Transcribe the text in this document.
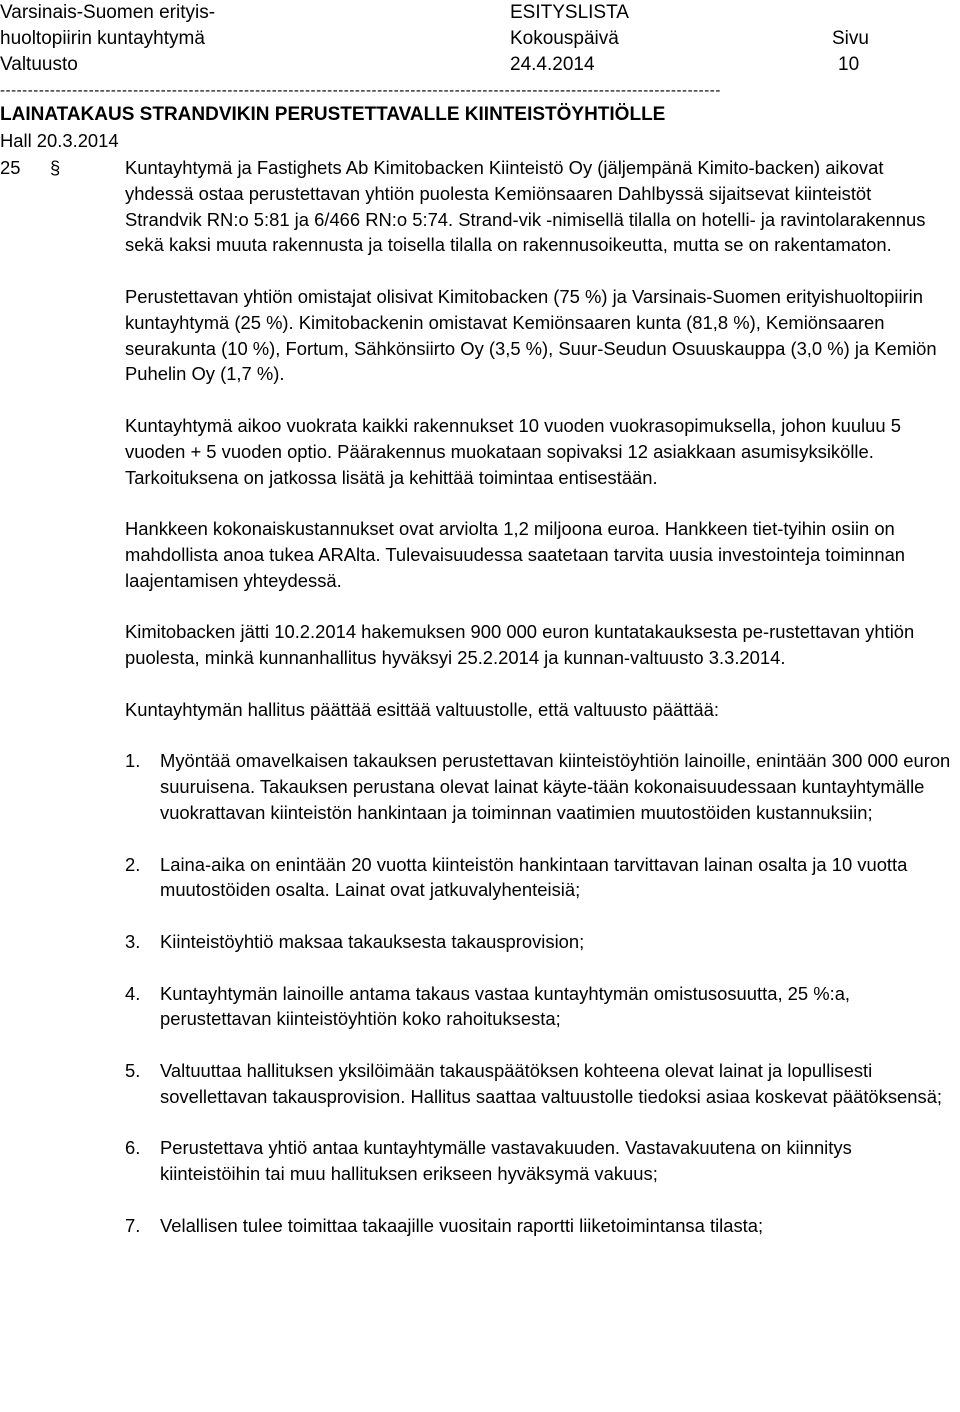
Varsinais-Suomen erityis-
huoltopiirin kuntayhtymä
Valtuusto
ESITYSLISTA
Kokouspäivä
24.4.2014
Sivu
10
----------------------------------------------------------------------------------------------------------------------------------
LAINATAKAUS STRANDVIKIN PERUSTETTAVALLE KIINTEISTÖYHTIÖLLE
Hall 20.3.2014
25 §	Kuntayhtymä ja Fastighets Ab Kimitobacken Kiinteistö Oy (jäljempänä Kimito-backen) aikovat yhdessä ostaa perustettavan yhtiön puolesta Kemiönsaaren Dahlbyssä sijaitsevat kiinteistöt Strandvik RN:o 5:81 ja 6/466 RN:o 5:74. Strand-vik -nimisellä tilalla on hotelli- ja ravintolarakennus sekä kaksi muuta rakennusta ja toisella tilalla on rakennusoikeutta, mutta se on rakentamaton.

Perustettavan yhtiön omistajat olisivat Kimitobacken (75 %) ja Varsinais-Suomen erityishuoltopiirin kuntayhtymä (25 %). Kimitobackenin omistavat Kemiönsaaren kunta (81,8 %), Kemiönsaaren seurakunta (10 %), Fortum, Sähkönsiirto Oy (3,5 %), Suur-Seudun Osuuskauppa (3,0 %) ja Kemiön Puhelin Oy (1,7 %).

Kuntayhtymä aikoo vuokrata kaikki rakennukset 10 vuoden vuokrasopimuksella, johon kuuluu 5 vuoden + 5 vuoden optio. Päärakennus muokataan sopivaksi 12 asiakkaan asumisyksikölle. Tarkoituksena on jatkossa lisätä ja kehittää toimintaa entisestään.

Hankkeen kokonaiskustannukset ovat arviolta 1,2 miljoona euroa. Hankkeen tiet-tyihin osiin on mahdollista anoa tukea ARAlta. Tulevaisuudessa saatetaan tarvita uusia investointeja toiminnan laajentamisen yhteydessä.

Kimitobacken jätti 10.2.2014 hakemuksen 900 000 euron kuntatakauksesta pe-rustettavan yhtiön puolesta, minkä kunnanhallitus hyväksyi 25.2.2014 ja kunnan-valtuusto 3.3.2014.

Kuntayhtymän hallitus päättää esittää valtuustolle, että valtuusto päättää:

1. Myöntää omavelkaisen takauksen perustettavan kiinteistöyhtiön lainoille, enintään 300 000 euron suuruisena. Takauksen perustana olevat lainat käyte-tään kokonaisuudessaan kuntayhtymälle vuokrattavan kiinteistön hankintaan ja toiminnan vaatimien muutostöiden kustannuksiin;
2. Laina-aika on enintään 20 vuotta kiinteistön hankintaan tarvittavan lainan osalta ja 10 vuotta muutostöiden osalta. Lainat ovat jatkuvalyhenteisiä;
3. Kiinteistöyhtiö maksaa takauksesta takausprovision;
4. Kuntayhtymän lainoille antama takaus vastaa kuntayhtymän omistusosuutta, 25 %:a, perustettavan kiinteistöyhtiön koko rahoituksesta;
5. Valtuuttaa hallituksen yksilöimään takauspäätöksen kohteena olevat lainat ja lopullisesti sovellettavan takausprovision. Hallitus saattaa valtuustolle tiedoksi asiaa koskevat päätöksensä;
6. Perustettava yhtiö antaa kuntayhtymälle vastavakuuden. Vastavakuutena on kiinnitys kiinteistöihin tai muu hallituksen erikseen hyväksymä vakuus;
7. Velallisen tulee toimittaa takaajille vuositain raportti liiketoimintansa tilasta;
